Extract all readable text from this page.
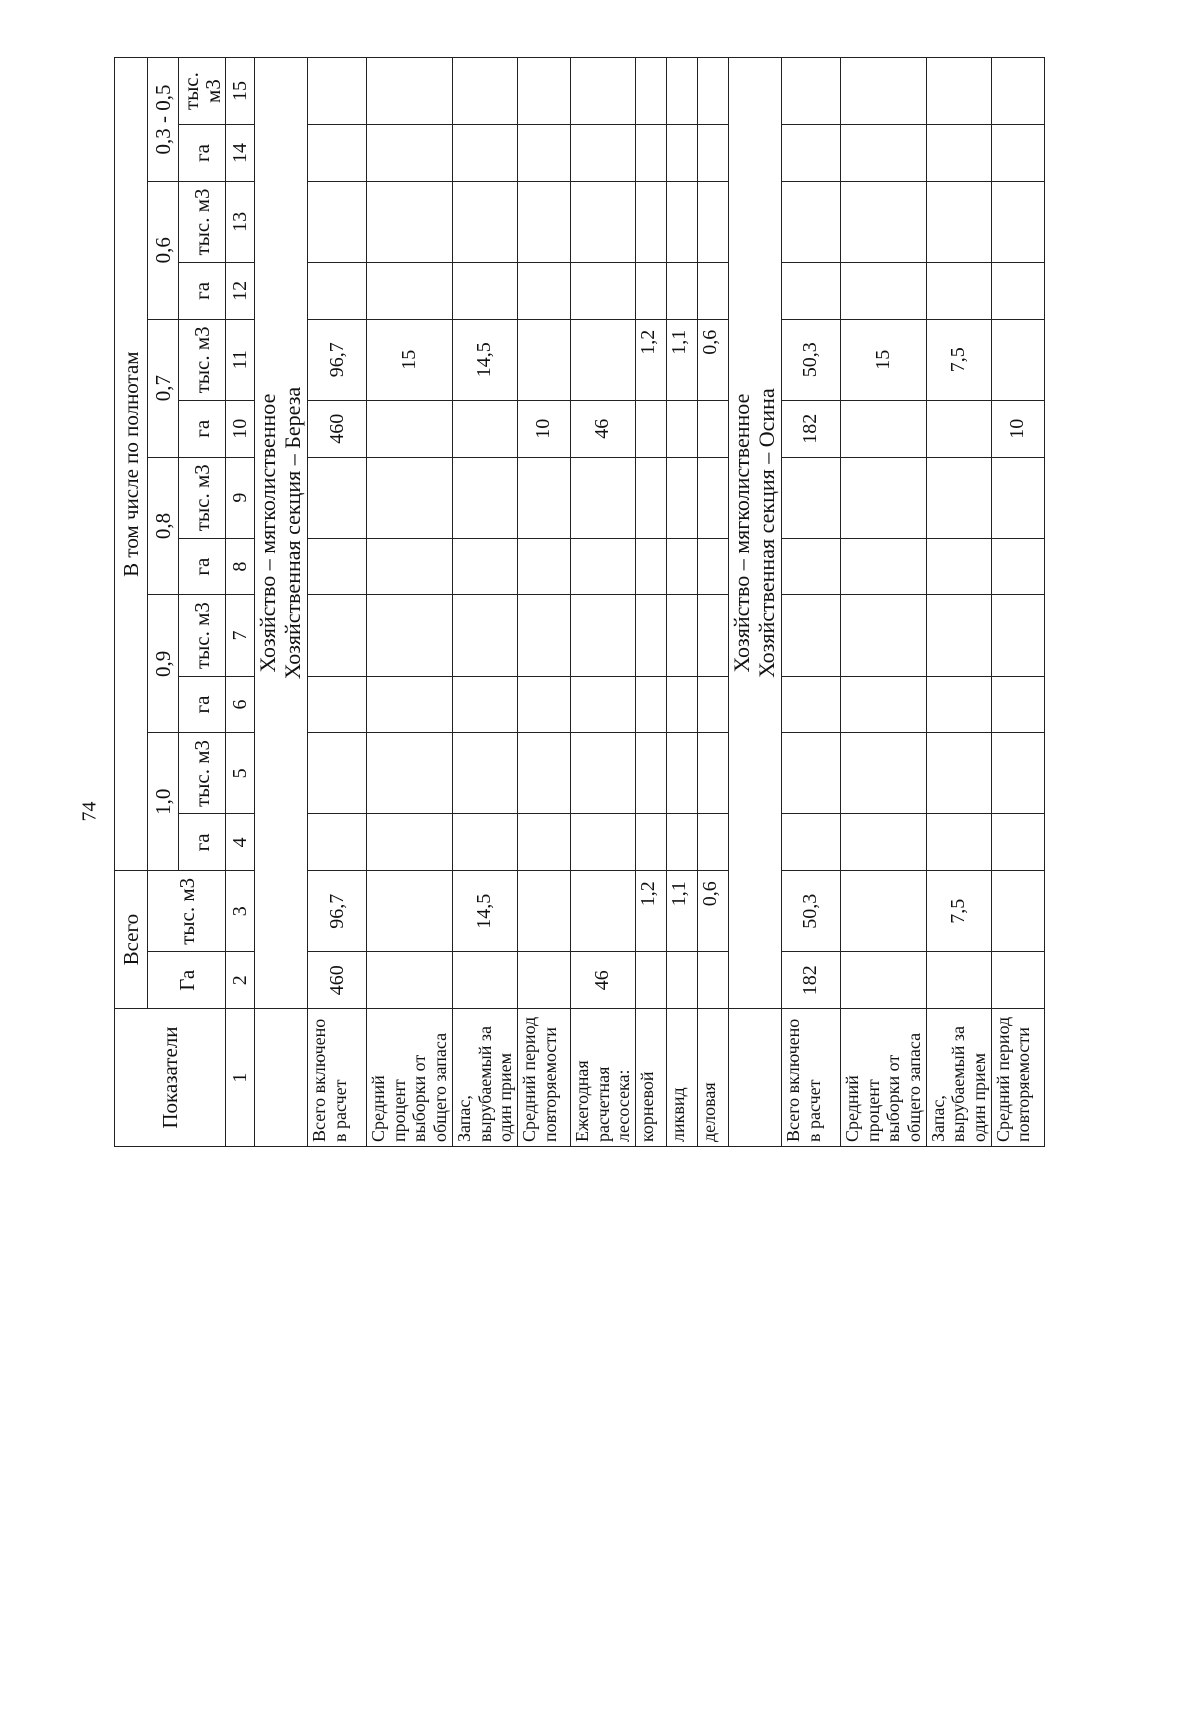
74
Показатели	Всего		В том числе по полнотам											
	Га	тыс. м3	1,0		0,9		0,8		0,7		0,6		0,3 - 0,5	
			га	тыс. м3	га	тыс. м3	га	тыс. м3	га	тыс. м3	га	тыс. м3	га	тыс. м3
1	2	3	4	5	6	7	8	9	10	11	12	13	14	15

	Хозяйство – мягколиственное Хозяйственная секция – Береза													

Всего включено в расчет	460	96,7							460	96,7				
Средний процент выборки от общего запаса										15				
Запас, вырубаемый за один прием		14,5								14,5				
Средний период повторяемости									10					
Ежегодная расчетная лесосека:	46								46					
корневой		1,2								1,2				
ликвид		1,1								1,1				
деловая		0,6								0,6				

	Хозяйство – мягколиственное Хозяйственная секция – Осина													

Всего включено в расчет	182	50,3							182	50,3				
Средний процент выборки от общего запаса										15				
Запас, вырубаемый за один прием		7,5								7,5				
Средний период повторяемости									10					
